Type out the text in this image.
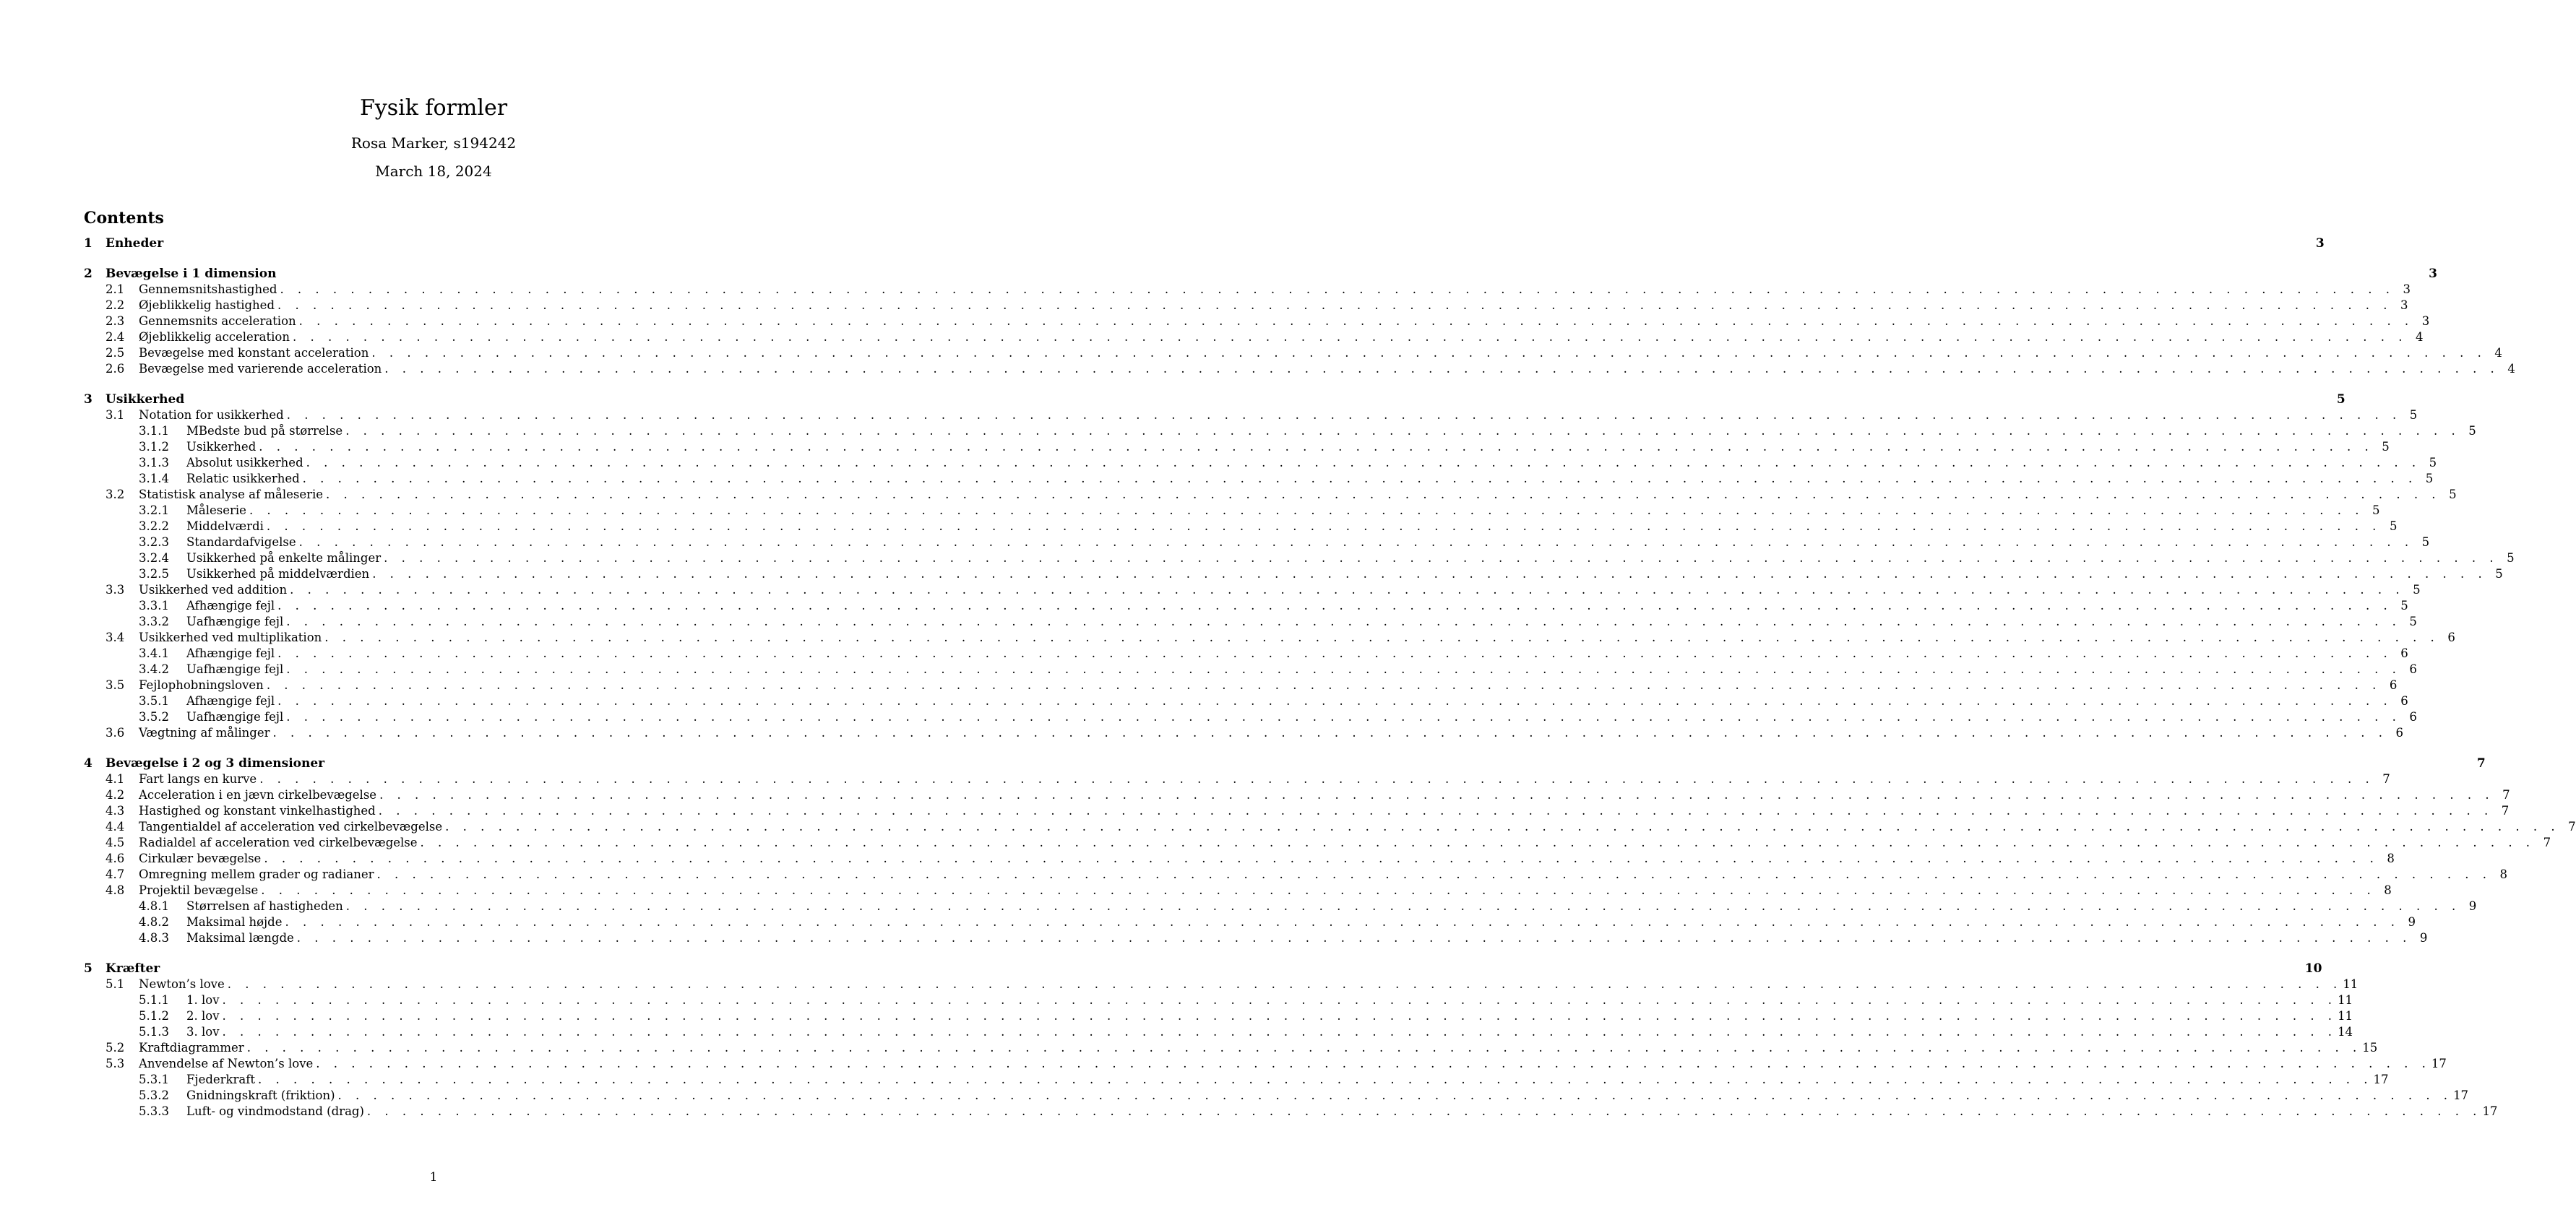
Fysik formler
Rosa Marker, s194242
March 18, 2024
Contents
1	Enheder	3
2	Bevægelse i 1 dimension	3
2.1	Gennemsnitshastighed . . . . . . . . . . . . . . . . . . . . . . . . . . . . . . . . . . . . . . . . . . . . . . . . . . . . . . . . . . . . . . . . . . . . . . . . . . . . . . . . . . . . . . . . . . . . . . . . . . . . . . . . . . . . . . . . . . . . . . . . 3
2.2	Øjeblikkelig hastighed . . . . . . . . . . . . . . . . . . . . . . . . . . . . . . . . . . . . . . . . . . . . . . . . . . . . . . . . . . . . . . . . . . . . . . . . . . . . . . . . . . . . . . . . . . . . . . . . . . . . . . . . . . . . . . . . . . . . . . . . 3
2.3	Gennemsnits acceleration . . . . . . . . . . . . . . . . . . . . . . . . . . . . . . . . . . . . . . . . . . . . . . . . . . . . . . . . . . . . . . . . . . . . . . . . . . . . . . . . . . . . . . . . . . . . . . . . . . . . . . . . . . . . . . . . . . . . . . . . 3
2.4	Øjeblikkelig acceleration . . . . . . . . . . . . . . . . . . . . . . . . . . . . . . . . . . . . . . . . . . . . . . . . . . . . . . . . . . . . . . . . . . . . . . . . . . . . . . . . . . . . . . . . . . . . . . . . . . . . . . . . . . . . . . . . . . . . . . . . 4
2.5	Bevægelse med konstant acceleration . . . . . . . . . . . . . . . . . . . . . . . . . . . . . . . . . . . . . . . . . . . . . . . . . . . . . . . . . . . . . . . . . . . . . . . . . . . . . . . . . . . . . . . . . . . . . . . . . . . . . . . . . . . . . . . . . . . . . . . . 4
2.6	Bevægelse med varierende acceleration . . . . . . . . . . . . . . . . . . . . . . . . . . . . . . . . . . . . . . . . . . . . . . . . . . . . . . . . . . . . . . . . . . . . . . . . . . . . . . . . . . . . . . . . . . . . . . . . . . . . . . . . . . . . . . . . . . . . . . . . 4
3	Usikkerhed	5
3.1	Notation for usikkerhed . . . . . . . . . . . . . . . . . . . . . . . . . . . . . . . . . . . . . . . . . . . . . . . . . . . . . . . . . . . . . . . . . . . . . . . . . . . . . . . . . . . . . . . . . . . . . . . . . . . . . . . . . . . . . . . . . . . . . . . . 5
3.1.1	MBedste bud på størrelse . . . . . . . . . . . . . . . . . . . . . . . . . . . . . . . . . . . . . . . . . . . . . . . . . . . . . . . . . . . . . . . . . . . . . . . . . . . . . . . . . . . . . . . . . . . . . . . . . . . . . . . . . . . . . . . . . . . . . . . . 5
3.1.2	Usikkerhed . . . . . . . . . . . . . . . . . . . . . . . . . . . . . . . . . . . . . . . . . . . . . . . . . . . . . . . . . . . . . . . . . . . . . . . . . . . . . . . . . . . . . . . . . . . . . . . . . . . . . . . . . . . . . . . . . . . . . . . . 5
3.1.3	Absolut usikkerhed . . . . . . . . . . . . . . . . . . . . . . . . . . . . . . . . . . . . . . . . . . . . . . . . . . . . . . . . . . . . . . . . . . . . . . . . . . . . . . . . . . . . . . . . . . . . . . . . . . . . . . . . . . . . . . . . . . . . . . . . 5
3.1.4	Relatic usikkerhed . . . . . . . . . . . . . . . . . . . . . . . . . . . . . . . . . . . . . . . . . . . . . . . . . . . . . . . . . . . . . . . . . . . . . . . . . . . . . . . . . . . . . . . . . . . . . . . . . . . . . . . . . . . . . . . . . . . . . . . . 5
3.2	Statistisk analyse af måleserie . . . . . . . . . . . . . . . . . . . . . . . . . . . . . . . . . . . . . . . . . . . . . . . . . . . . . . . . . . . . . . . . . . . . . . . . . . . . . . . . . . . . . . . . . . . . . . . . . . . . . . . . . . . . . . . . . . . . . . . . 5
3.2.1	Måleserie . . . . . . . . . . . . . . . . . . . . . . . . . . . . . . . . . . . . . . . . . . . . . . . . . . . . . . . . . . . . . . . . . . . . . . . . . . . . . . . . . . . . . . . . . . . . . . . . . . . . . . . . . . . . . . . . . . . . . . . . 5
3.2.2	Middelværdi . . . . . . . . . . . . . . . . . . . . . . . . . . . . . . . . . . . . . . . . . . . . . . . . . . . . . . . . . . . . . . . . . . . . . . . . . . . . . . . . . . . . . . . . . . . . . . . . . . . . . . . . . . . . . . . . . . . . . . . . 5
3.2.3	Standardafvigelse . . . . . . . . . . . . . . . . . . . . . . . . . . . . . . . . . . . . . . . . . . . . . . . . . . . . . . . . . . . . . . . . . . . . . . . . . . . . . . . . . . . . . . . . . . . . . . . . . . . . . . . . . . . . . . . . . . . . . . . . 5
3.2.4	Usikkerhed på enkelte målinger . . . . . . . . . . . . . . . . . . . . . . . . . . . . . . . . . . . . . . . . . . . . . . . . . . . . . . . . . . . . . . . . . . . . . . . . . . . . . . . . . . . . . . . . . . . . . . . . . . . . . . . . . . . . . . . . . . . . . . . . 5
3.2.5	Usikkerhed på middelværdien . . . . . . . . . . . . . . . . . . . . . . . . . . . . . . . . . . . . . . . . . . . . . . . . . . . . . . . . . . . . . . . . . . . . . . . . . . . . . . . . . . . . . . . . . . . . . . . . . . . . . . . . . . . . . . . . . . . . . . . . 5
3.3	Usikkerhed ved addition . . . . . . . . . . . . . . . . . . . . . . . . . . . . . . . . . . . . . . . . . . . . . . . . . . . . . . . . . . . . . . . . . . . . . . . . . . . . . . . . . . . . . . . . . . . . . . . . . . . . . . . . . . . . . . . . . . . . . . . . 5
3.3.1	Afhængige fejl . . . . . . . . . . . . . . . . . . . . . . . . . . . . . . . . . . . . . . . . . . . . . . . . . . . . . . . . . . . . . . . . . . . . . . . . . . . . . . . . . . . . . . . . . . . . . . . . . . . . . . . . . . . . . . . . . . . . . . . . 5
3.3.2	Uafhængige fejl . . . . . . . . . . . . . . . . . . . . . . . . . . . . . . . . . . . . . . . . . . . . . . . . . . . . . . . . . . . . . . . . . . . . . . . . . . . . . . . . . . . . . . . . . . . . . . . . . . . . . . . . . . . . . . . . . . . . . . . . 5
3.4	Usikkerhed ved multiplikation . . . . . . . . . . . . . . . . . . . . . . . . . . . . . . . . . . . . . . . . . . . . . . . . . . . . . . . . . . . . . . . . . . . . . . . . . . . . . . . . . . . . . . . . . . . . . . . . . . . . . . . . . . . . . . . . . . . . . . . . 6
3.4.1	Afhængige fejl . . . . . . . . . . . . . . . . . . . . . . . . . . . . . . . . . . . . . . . . . . . . . . . . . . . . . . . . . . . . . . . . . . . . . . . . . . . . . . . . . . . . . . . . . . . . . . . . . . . . . . . . . . . . . . . . . . . . . . . . 6
3.4.2	Uafhængige fejl . . . . . . . . . . . . . . . . . . . . . . . . . . . . . . . . . . . . . . . . . . . . . . . . . . . . . . . . . . . . . . . . . . . . . . . . . . . . . . . . . . . . . . . . . . . . . . . . . . . . . . . . . . . . . . . . . . . . . . . . 6
3.5	Fejlophobningsloven . . . . . . . . . . . . . . . . . . . . . . . . . . . . . . . . . . . . . . . . . . . . . . . . . . . . . . . . . . . . . . . . . . . . . . . . . . . . . . . . . . . . . . . . . . . . . . . . . . . . . . . . . . . . . . . . . . . . . . . . 6
3.5.1	Afhængige fejl . . . . . . . . . . . . . . . . . . . . . . . . . . . . . . . . . . . . . . . . . . . . . . . . . . . . . . . . . . . . . . . . . . . . . . . . . . . . . . . . . . . . . . . . . . . . . . . . . . . . . . . . . . . . . . . . . . . . . . . . 6
3.5.2	Uafhængige fejl . . . . . . . . . . . . . . . . . . . . . . . . . . . . . . . . . . . . . . . . . . . . . . . . . . . . . . . . . . . . . . . . . . . . . . . . . . . . . . . . . . . . . . . . . . . . . . . . . . . . . . . . . . . . . . . . . . . . . . . . 6
3.6	Vægtning af målinger . . . . . . . . . . . . . . . . . . . . . . . . . . . . . . . . . . . . . . . . . . . . . . . . . . . . . . . . . . . . . . . . . . . . . . . . . . . . . . . . . . . . . . . . . . . . . . . . . . . . . . . . . . . . . . . . . . . . . . . . 6
4	Bevægelse i 2 og 3 dimensioner	7
4.1	Fart langs en kurve . . . . . . . . . . . . . . . . . . . . . . . . . . . . . . . . . . . . . . . . . . . . . . . . . . . . . . . . . . . . . . . . . . . . . . . . . . . . . . . . . . . . . . . . . . . . . . . . . . . . . . . . . . . . . . . . . . . . . . . . 7
4.2	Acceleration i en jævn cirkelbevægelse . . . . . . . . . . . . . . . . . . . . . . . . . . . . . . . . . . . . . . . . . . . . . . . . . . . . . . . . . . . . . . . . . . . . . . . . . . . . . . . . . . . . . . . . . . . . . . . . . . . . . . . . . . . . . . . . . . . . . . . . 7
4.3	Hastighed og konstant vinkelhastighed . . . . . . . . . . . . . . . . . . . . . . . . . . . . . . . . . . . . . . . . . . . . . . . . . . . . . . . . . . . . . . . . . . . . . . . . . . . . . . . . . . . . . . . . . . . . . . . . . . . . . . . . . . . . . . . . . . . . . . . . 7
4.4	Tangentialdel af acceleration ved cirkelbevægelse . . . . . . . . . . . . . . . . . . . . . . . . . . . . . . . . . . . . . . . . . . . . . . . . . . . . . . . . . . . . . . . . . . . . . . . . . . . . . . . . . . . . . . . . . . . . . . . . . . . . . . . . . . . . . . . . . . . . . . . . 7
4.5	Radialdel af acceleration ved cirkelbevægelse . . . . . . . . . . . . . . . . . . . . . . . . . . . . . . . . . . . . . . . . . . . . . . . . . . . . . . . . . . . . . . . . . . . . . . . . . . . . . . . . . . . . . . . . . . . . . . . . . . . . . . . . . . . . . . . . . . . . . . . . 7
4.6	Cirkulær bevægelse . . . . . . . . . . . . . . . . . . . . . . . . . . . . . . . . . . . . . . . . . . . . . . . . . . . . . . . . . . . . . . . . . . . . . . . . . . . . . . . . . . . . . . . . . . . . . . . . . . . . . . . . . . . . . . . . . . . . . . . . 8
4.7	Omregning mellem grader og radianer . . . . . . . . . . . . . . . . . . . . . . . . . . . . . . . . . . . . . . . . . . . . . . . . . . . . . . . . . . . . . . . . . . . . . . . . . . . . . . . . . . . . . . . . . . . . . . . . . . . . . . . . . . . . . . . . . . . . . . . . 8
4.8	Projektil bevægelse . . . . . . . . . . . . . . . . . . . . . . . . . . . . . . . . . . . . . . . . . . . . . . . . . . . . . . . . . . . . . . . . . . . . . . . . . . . . . . . . . . . . . . . . . . . . . . . . . . . . . . . . . . . . . . . . . . . . . . . . 8
4.8.1	Størrelsen af hastigheden . . . . . . . . . . . . . . . . . . . . . . . . . . . . . . . . . . . . . . . . . . . . . . . . . . . . . . . . . . . . . . . . . . . . . . . . . . . . . . . . . . . . . . . . . . . . . . . . . . . . . . . . . . . . . . . . . . . . . . . . 9
4.8.2	Maksimal højde . . . . . . . . . . . . . . . . . . . . . . . . . . . . . . . . . . . . . . . . . . . . . . . . . . . . . . . . . . . . . . . . . . . . . . . . . . . . . . . . . . . . . . . . . . . . . . . . . . . . . . . . . . . . . . . . . . . . . . . . 9
4.8.3	Maksimal længde . . . . . . . . . . . . . . . . . . . . . . . . . . . . . . . . . . . . . . . . . . . . . . . . . . . . . . . . . . . . . . . . . . . . . . . . . . . . . . . . . . . . . . . . . . . . . . . . . . . . . . . . . . . . . . . . . . . . . . . . 9
5	Kræfter	10
5.1	Newton’s love . . . . . . . . . . . . . . . . . . . . . . . . . . . . . . . . . . . . . . . . . . . . . . . . . . . . . . . . . . . . . . . . . . . . . . . . . . . . . . . . . . . . . . . . . . . . . . . . . . . . . . . . . . . . . . . . . . . . . . . . 11
5.1.1	1. lov . . . . . . . . . . . . . . . . . . . . . . . . . . . . . . . . . . . . . . . . . . . . . . . . . . . . . . . . . . . . . . . . . . . . . . . . . . . . . . . . . . . . . . . . . . . . . . . . . . . . . . . . . . . . . . . . . . . . . . . . 11
5.1.2	2. lov . . . . . . . . . . . . . . . . . . . . . . . . . . . . . . . . . . . . . . . . . . . . . . . . . . . . . . . . . . . . . . . . . . . . . . . . . . . . . . . . . . . . . . . . . . . . . . . . . . . . . . . . . . . . . . . . . . . . . . . . 11
5.1.3	3. lov . . . . . . . . . . . . . . . . . . . . . . . . . . . . . . . . . . . . . . . . . . . . . . . . . . . . . . . . . . . . . . . . . . . . . . . . . . . . . . . . . . . . . . . . . . . . . . . . . . . . . . . . . . . . . . . . . . . . . . . . 14
5.2	Kraftdiagrammer . . . . . . . . . . . . . . . . . . . . . . . . . . . . . . . . . . . . . . . . . . . . . . . . . . . . . . . . . . . . . . . . . . . . . . . . . . . . . . . . . . . . . . . . . . . . . . . . . . . . . . . . . . . . . . . . . . . . . . . . 15
5.3	Anvendelse af Newton’s love . . . . . . . . . . . . . . . . . . . . . . . . . . . . . . . . . . . . . . . . . . . . . . . . . . . . . . . . . . . . . . . . . . . . . . . . . . . . . . . . . . . . . . . . . . . . . . . . . . . . . . . . . . . . . . . . . . . . . . . . 17
5.3.1	Fjederkraft . . . . . . . . . . . . . . . . . . . . . . . . . . . . . . . . . . . . . . . . . . . . . . . . . . . . . . . . . . . . . . . . . . . . . . . . . . . . . . . . . . . . . . . . . . . . . . . . . . . . . . . . . . . . . . . . . . . . . . . . 17
5.3.2	Gnidningskraft (friktion) . . . . . . . . . . . . . . . . . . . . . . . . . . . . . . . . . . . . . . . . . . . . . . . . . . . . . . . . . . . . . . . . . . . . . . . . . . . . . . . . . . . . . . . . . . . . . . . . . . . . . . . . . . . . . . . . . . . . . . . . 17
5.3.3	Luft- og vindmodstand (drag) . . . . . . . . . . . . . . . . . . . . . . . . . . . . . . . . . . . . . . . . . . . . . . . . . . . . . . . . . . . . . . . . . . . . . . . . . . . . . . . . . . . . . . . . . . . . . . . . . . . . . . . . . . . . . . . . . . . . . . . . 17
1
